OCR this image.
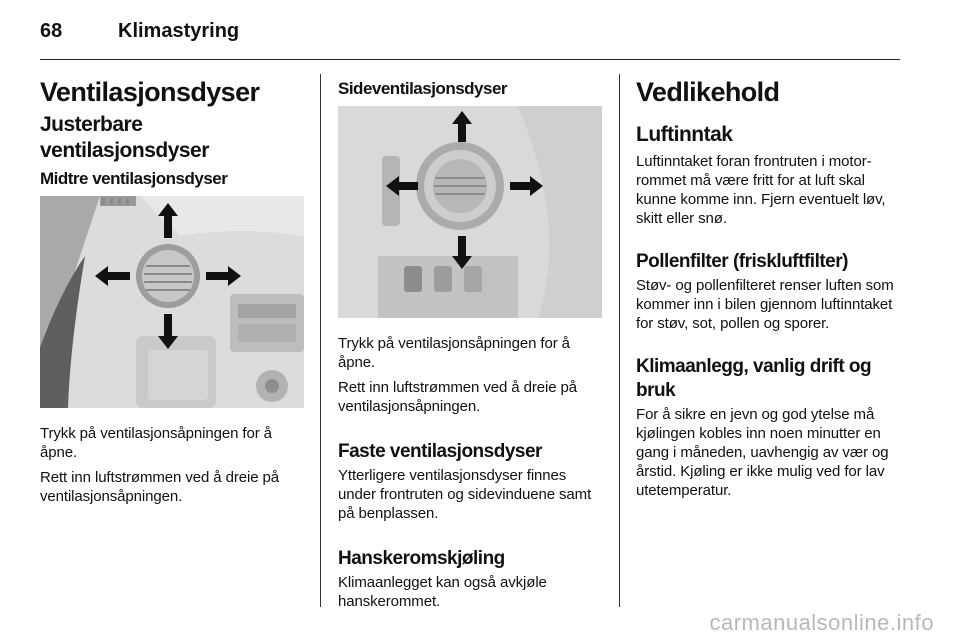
68	Klimastyring
Ventilasjonsdyser
Justerbare ventilasjonsdyser
Midtre ventilasjonsdyser

Trykk på ventilasjonsåpningen for å åpne.

Rett inn luftstrømmen ved å dreie på ventilasjonsåpningen.

Sideventilasjonsdyser

Trykk på ventilasjonsåpningen for å åpne.

Rett inn luftstrømmen ved å dreie på ventilasjonsåpningen.

Faste ventilasjonsdyser

Ytterligere ventilasjonsdyser finnes under frontruten og sidevinduene samt på benplassen.

Hanskeromskjøling

Klimaanlegget kan også avkjøle hanskerommet.

Vedlikehold
Luftinntak

Luftinntaket foran frontruten i motorrommet må være fritt for at luft skal kunne komme inn. Fjern eventuelt løv, skitt eller snø.

Pollenfilter (friskluftfilter)

Støv- og pollenfilteret renser luften som kommer inn i bilen gjennom luftinntaket for støv, sot, pollen og sporer.

Klimaanlegg, vanlig drift og bruk

For å sikre en jevn og god ytelse må kjølingen kobles inn noen minutter en gang i måneden, uavhengig av vær og årstid. Kjøling er ikke mulig ved for lav utetemperatur.

carmanualsonline.info
